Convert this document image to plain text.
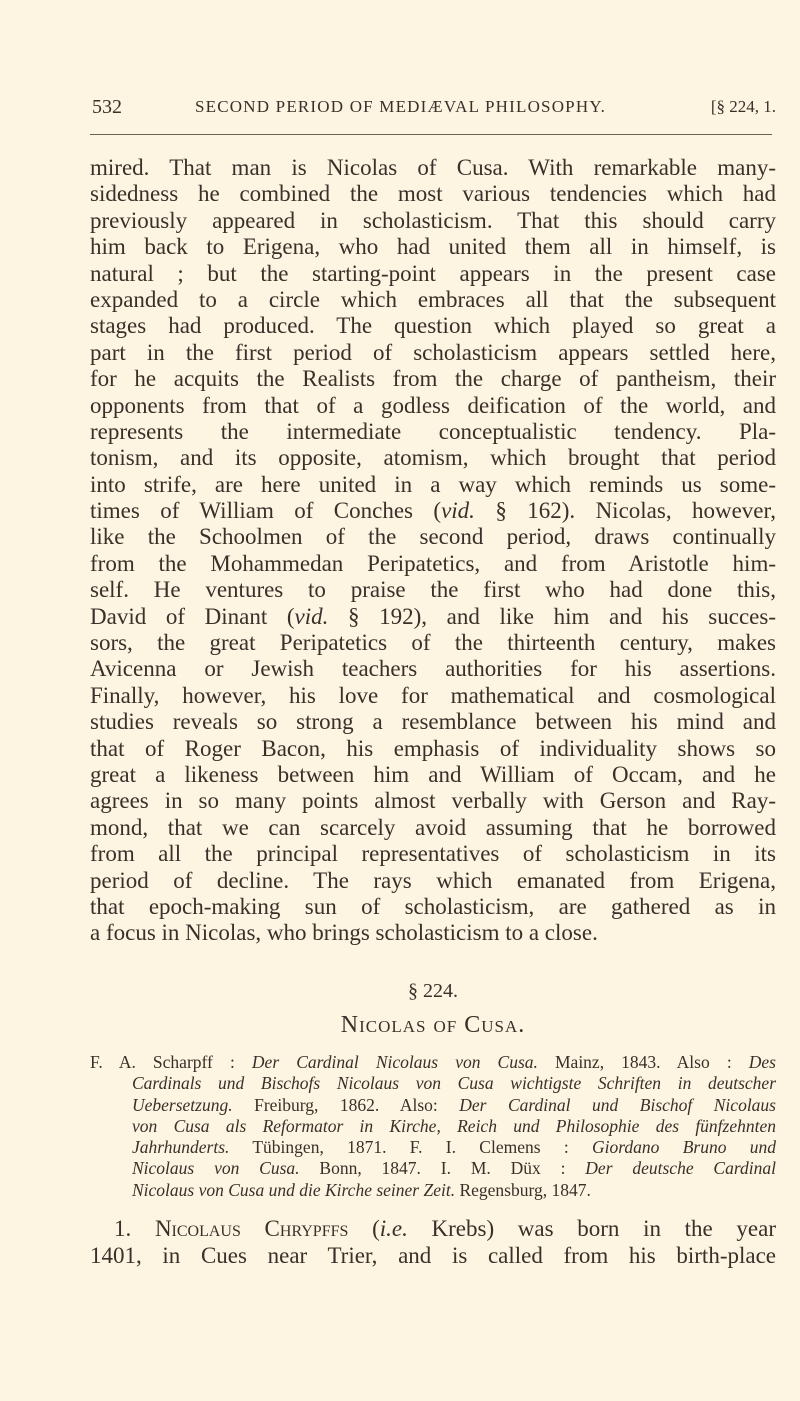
532	SECOND PERIOD OF MEDIÆVAL PHILOSOPHY.	[§ 224, 1.
mired. That man is Nicolas of Cusa. With remarkable many-
sidedness he combined the most various tendencies which had
previously appeared in scholasticism. That this should carry
him back to Erigena, who had united them all in himself, is
natural ; but the starting-point appears in the present case
expanded to a circle which embraces all that the subsequent
stages had produced. The question which played so great a
part in the first period of scholasticism appears settled here,
for he acquits the Realists from the charge of pantheism, their
opponents from that of a godless deification of the world, and
represents the intermediate conceptualistic tendency. Pla-
tonism, and its opposite, atomism, which brought that period
into strife, are here united in a way which reminds us some-
times of William of Conches (vid. § 162). Nicolas, however,
like the Schoolmen of the second period, draws continually
from the Mohammedan Peripatetics, and from Aristotle him-
self. He ventures to praise the first who had done this,
David of Dinant (vid. § 192), and like him and his succes-
sors, the great Peripatetics of the thirteenth century, makes
Avicenna or Jewish teachers authorities for his assertions.
Finally, however, his love for mathematical and cosmological
studies reveals so strong a resemblance between his mind and
that of Roger Bacon, his emphasis of individuality shows so
great a likeness between him and William of Occam, and he
agrees in so many points almost verbally with Gerson and Ray-
mond, that we can scarcely avoid assuming that he borrowed
from all the principal representatives of scholasticism in its
period of decline. The rays which emanated from Erigena,
that epoch-making sun of scholasticism, are gathered as in
a focus in Nicolas, who brings scholasticism to a close.
§ 224.
Nicolas of Cusa.
F. A. Scharpff : Der Cardinal Nicolaus von Cusa. Mainz, 1843. Also : Des
Cardinals und Bischofs Nicolaus von Cusa wichtigste Schriften in deutscher
Uebersetzung. Freiburg, 1862. Also: Der Cardinal und Bischof Nicolaus
von Cusa als Reformator in Kirche, Reich und Philosophie des fünfzehnten
Jahrhunderts. Tübingen, 1871. F. I. Clemens : Giordano Bruno und
Nicolaus von Cusa. Bonn, 1847. I. M. Düx : Der deutsche Cardinal
Nicolaus von Cusa und die Kirche seiner Zeit. Regensburg, 1847.
1. Nicolaus Chrypffs (i.e. Krebs) was born in the year
1401, in Cues near Trier, and is called from his birth-place
